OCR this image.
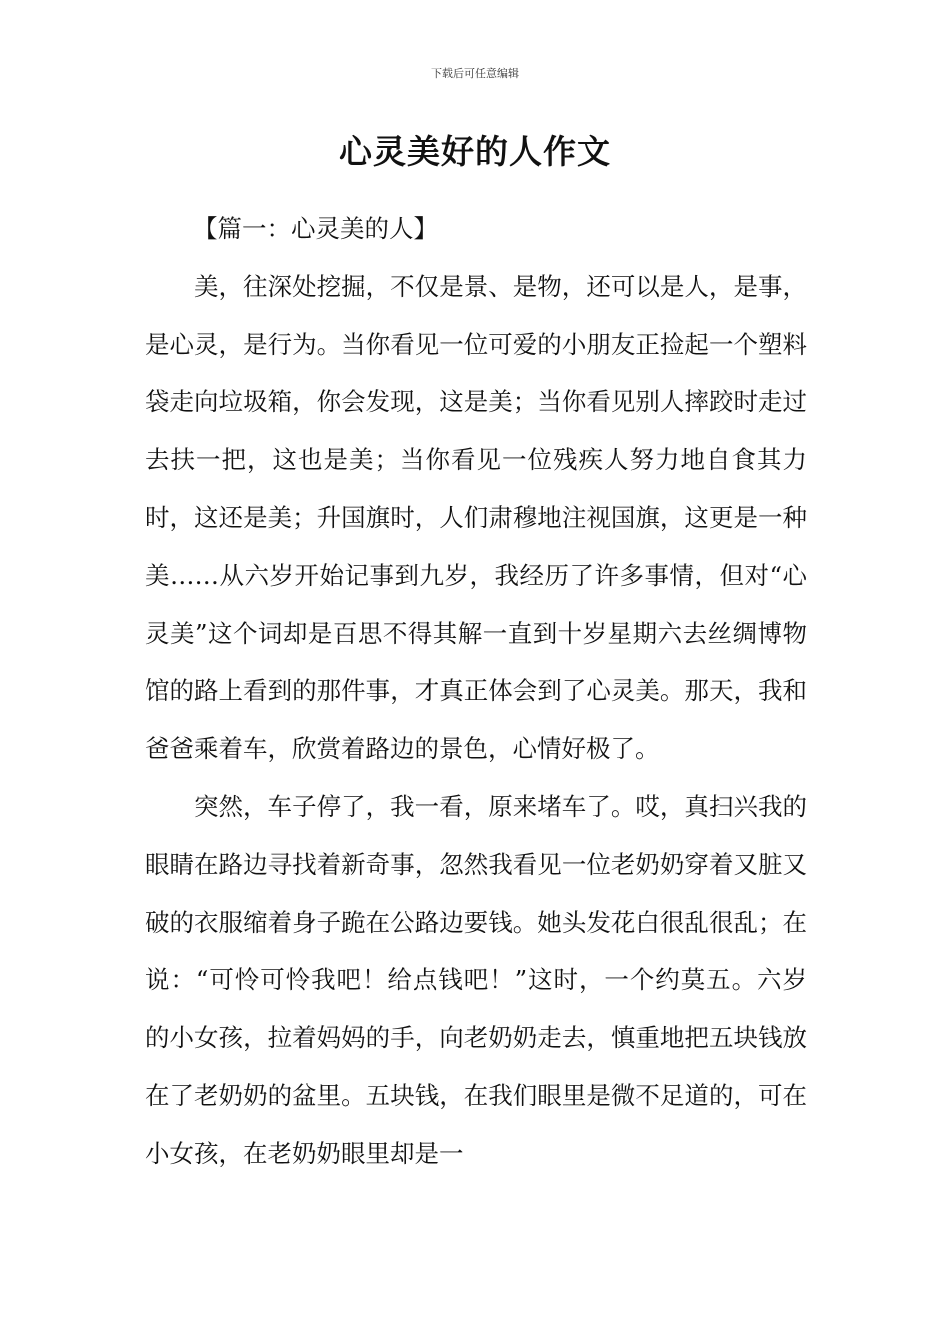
下载后可任意编辑
心灵美好的人作文
【篇一：心灵美的人】

美，往深处挖掘，不仅是景、是物，还可以是人，是事，是心灵，是行为。当你看见一位可爱的小朋友正捡起一个塑料袋走向垃圾箱，你会发现，这是美；当你看见别人摔跤时走过去扶一把，这也是美；当你看见一位残疾人努力地自食其力时，这还是美；升国旗时，人们肃穆地注视国旗，这更是一种美……从六岁开始记事到九岁，我经历了许多事情，但对“心灵美”这个词却是百思不得其解一直到十岁星期六去丝绸博物馆的路上看到的那件事，才真正体会到了心灵美。那天，我和爸爸乘着车，欣赏着路边的景色，心情好极了。

突然，车子停了，我一看，原来堵车了。哎，真扫兴我的眼睛在路边寻找着新奇事，忽然我看见一位老奶奶穿着又脏又破的衣服缩着身子跪在公路边要钱。她头发花白很乱很乱；在说：“可怜可怜我吧！给点钱吧！”这时，一个约莫五。六岁的小女孩，拉着妈妈的手，向老奶奶走去，慎重地把五块钱放在了老奶奶的盆里。五块钱，在我们眼里是微不足道的，可在小女孩，在老奶奶眼里却是一
